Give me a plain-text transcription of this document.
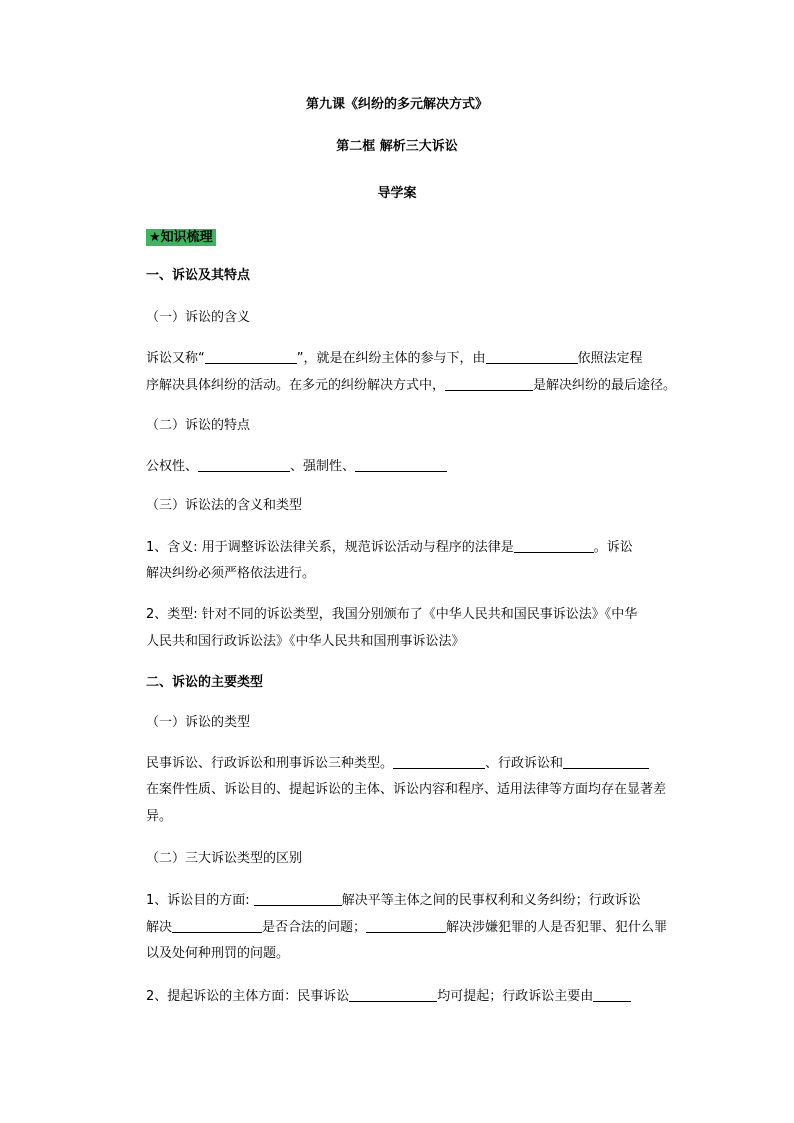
第九课《纠纷的多元解决方式》
第二框 解析三大诉讼
导学案
★知识梳理
一、诉讼及其特点
（一）诉讼的含义
诉讼又称“	”，就是在纠纷主体的参与下，由	依照法定程
序解决具体纠纷的活动。在多元的纠纷解决方式中，	是解决纠纷的最后途径。
（二）诉讼的特点
公权性、	、强制性、
（三）诉讼法的含义和类型
1、含义: 用于调整诉讼法律关系，规范诉讼活动与程序的法律是	。诉讼
解决纠纷必须严格依法进行。
2、类型: 针对不同的诉讼类型，我国分别颁布了《中华人民共和国民事诉讼法》《中华
人民共和国行政诉讼法》《中华人民共和国刑事诉讼法》
二、诉讼的主要类型
（一）诉讼的类型
民事诉讼、行政诉讼和刑事诉讼三种类型。	、行政诉讼和
在案件性质、诉讼目的、提起诉讼的主体、诉讼内容和程序、适用法律等方面均存在显著差
异。
（二）三大诉讼类型的区别
1、诉讼目的方面:	解决平等主体之间的民事权利和义务纠纷；行政诉讼
解决	是否合法的问题；	解决涉嫌犯罪的人是否犯罪、犯什么罪
以及处何种刑罚的问题。
2、提起诉讼的主体方面：民事诉讼	均可提起；行政诉讼主要由
